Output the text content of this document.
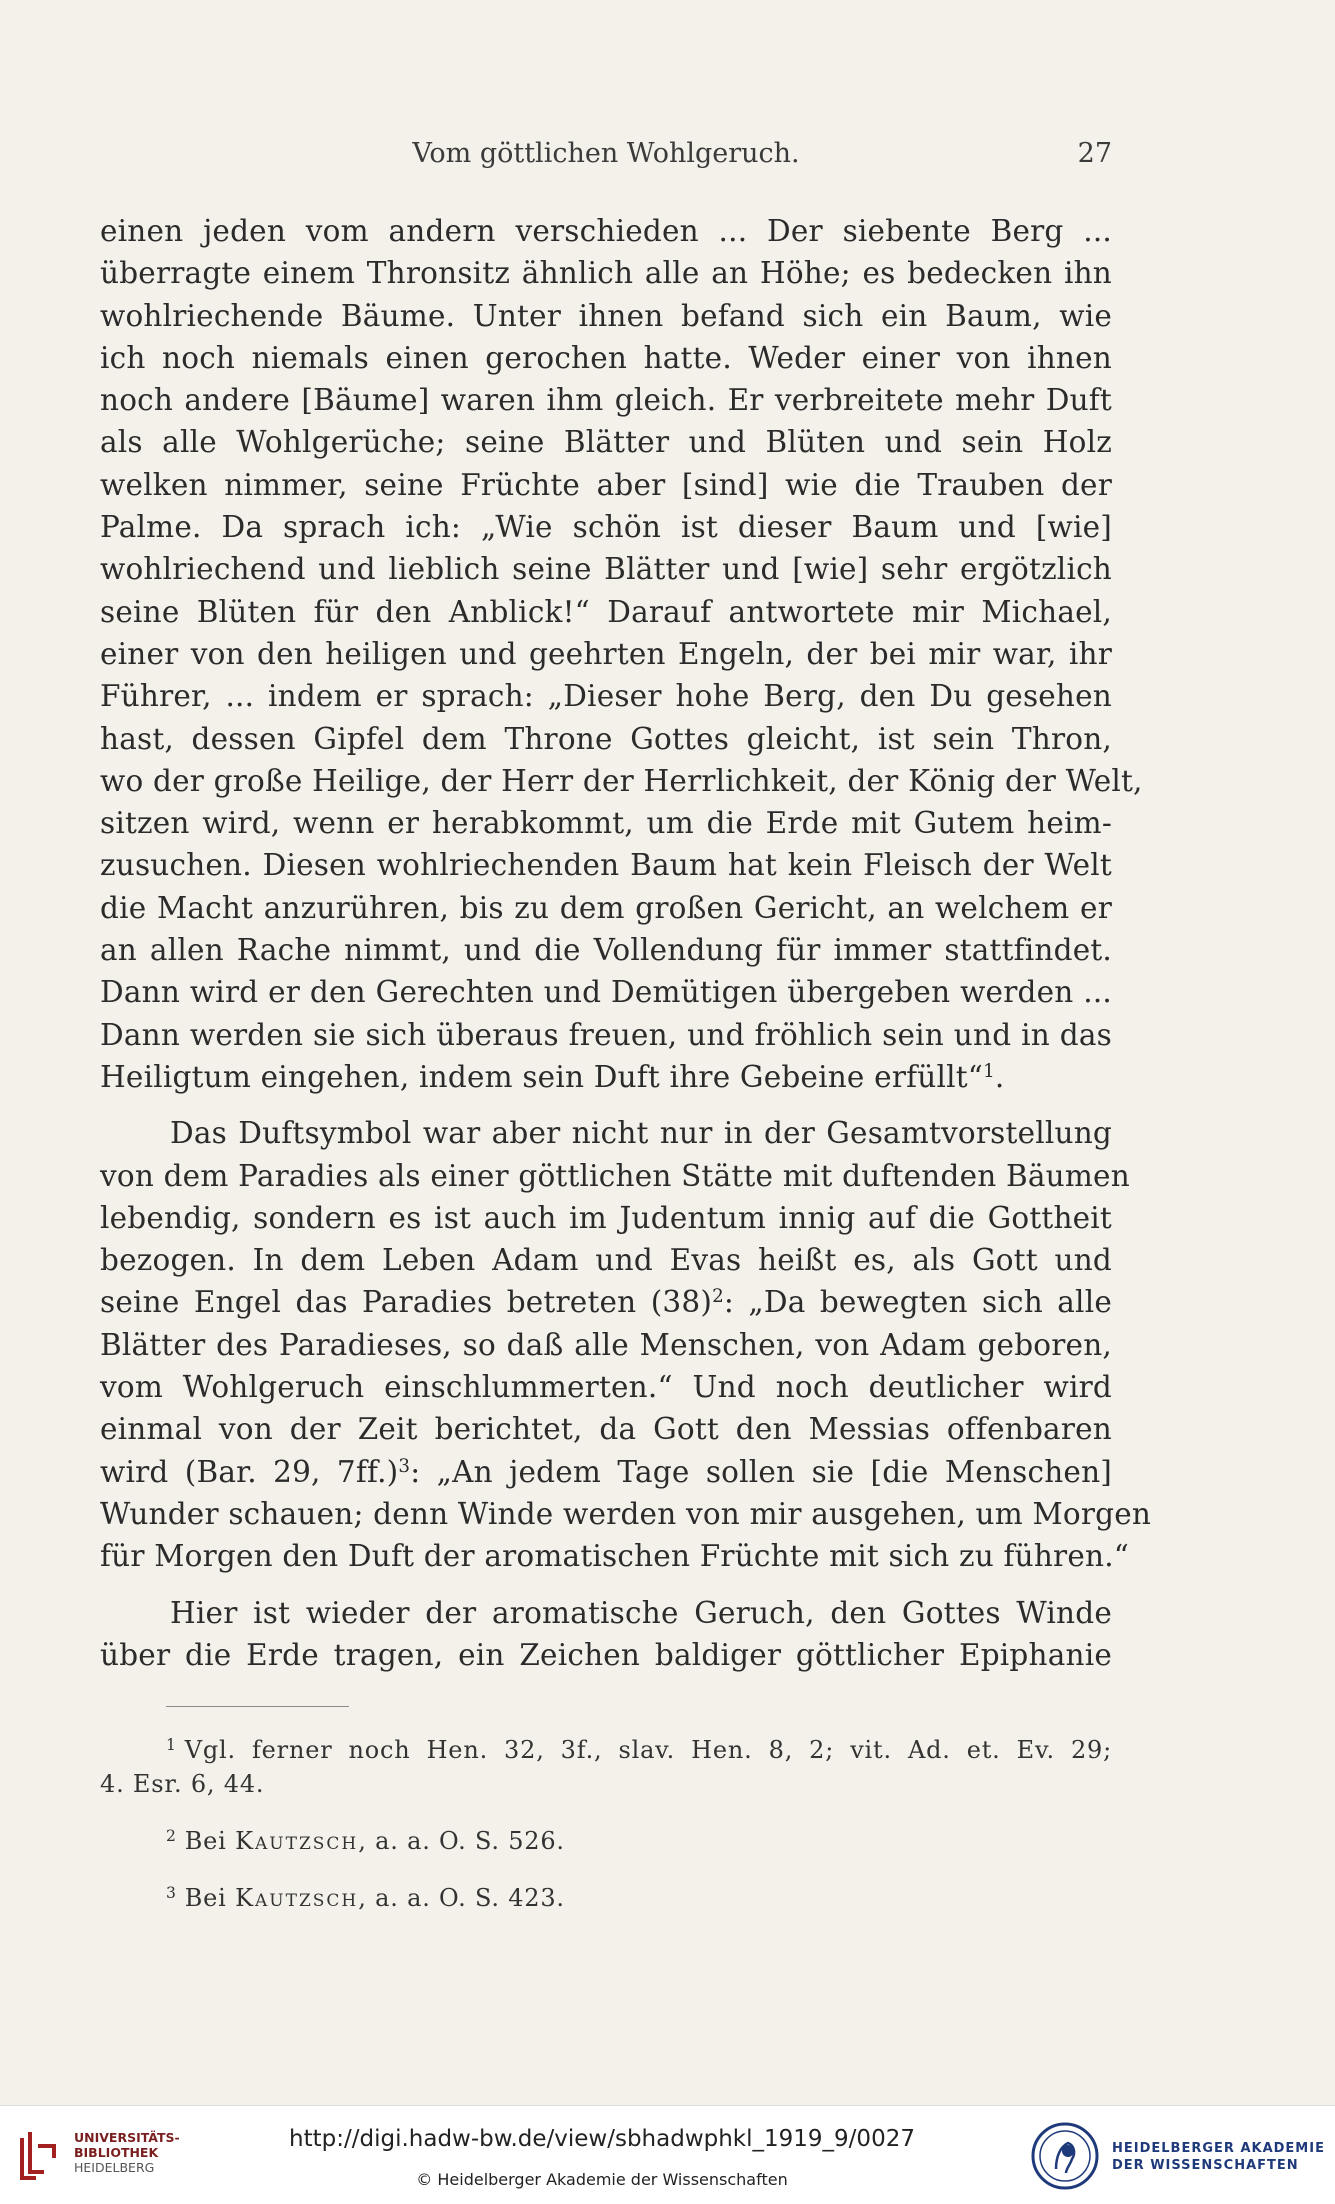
Vom göttlichen Wohlgeruch.	27

einen jeden vom andern verschieden ... Der siebente Berg ...
überragte einem Thronsitz ähnlich alle an Höhe; es bedecken ihn
wohlriechende Bäume. Unter ihnen befand sich ein Baum, wie
ich noch niemals einen gerochen hatte. Weder einer von ihnen
noch andere [Bäume] waren ihm gleich. Er verbreitete mehr Duft
als alle Wohlgerüche; seine Blätter und Blüten und sein Holz
welken nimmer, seine Früchte aber [sind] wie die Trauben der
Palme. Da sprach ich: „Wie schön ist dieser Baum und [wie]
wohlriechend und lieblich seine Blätter und [wie] sehr ergötzlich
seine Blüten für den Anblick!“ Darauf antwortete mir Michael,
einer von den heiligen und geehrten Engeln, der bei mir war, ihr
Führer, ... indem er sprach: „Dieser hohe Berg, den Du gesehen
hast, dessen Gipfel dem Throne Gottes gleicht, ist sein Thron,
wo der große Heilige, der Herr der Herrlichkeit, der König der Welt,
sitzen wird, wenn er herabkommt, um die Erde mit Gutem heim-
zusuchen. Diesen wohlriechenden Baum hat kein Fleisch der Welt
die Macht anzurühren, bis zu dem großen Gericht, an welchem er
an allen Rache nimmt, und die Vollendung für immer stattfindet.
Dann wird er den Gerechten und Demütigen übergeben werden ...
Dann werden sie sich überaus freuen, und fröhlich sein und in das
Heiligtum eingehen, indem sein Duft ihre Gebeine erfüllt“$^1$.

Das Duftsymbol war aber nicht nur in der Gesamtvorstellung
von dem Paradies als einer göttlichen Stätte mit duftenden Bäumen
lebendig, sondern es ist auch im Judentum innig auf die Gottheit
bezogen. In dem Leben Adam und Evas heißt es, als Gott und
seine Engel das Paradies betreten $(38)^2$: „Da bewegten sich alle
Blätter des Paradieses, so daß alle Menschen, von Adam geboren,
vom Wohlgeruch einschlummerten.“ Und noch deutlicher wird
einmal von der Zeit berichtet, da Gott den Messias offenbaren
wird (Bar. 29, 7ff.)$^3$: „An jedem Tage sollen sie [die Menschen]
Wunder schauen; denn Winde werden von mir ausgehen, um Morgen
für Morgen den Duft der aromatischen Früchte mit sich zu führen.“

Hier ist wieder der aromatische Geruch, den Gottes Winde
über die Erde tragen, ein Zeichen baldiger göttlicher Epiphanie

$^1$ Vgl. ferner noch Hen. 32, 3f., slav. Hen. 8, 2; vit. Ad. et. Ev. 29;
4. Esr. 6, 44.
$^2$ Bei Kautzsch, a. a. O. S. 526.
$^3$ Bei Kautzsch, a. a. O. S. 423.
UNIVERSITÄTS-
BIBLIOTHEK
HEIDELBERG
http://digi.hadw-bw.de/view/sbhadwphkl_1919_9/0027
© Heidelberger Akademie der Wissenschaften
HEIDELBERGER AKADEMIE
DER WISSENSCHAFTEN
